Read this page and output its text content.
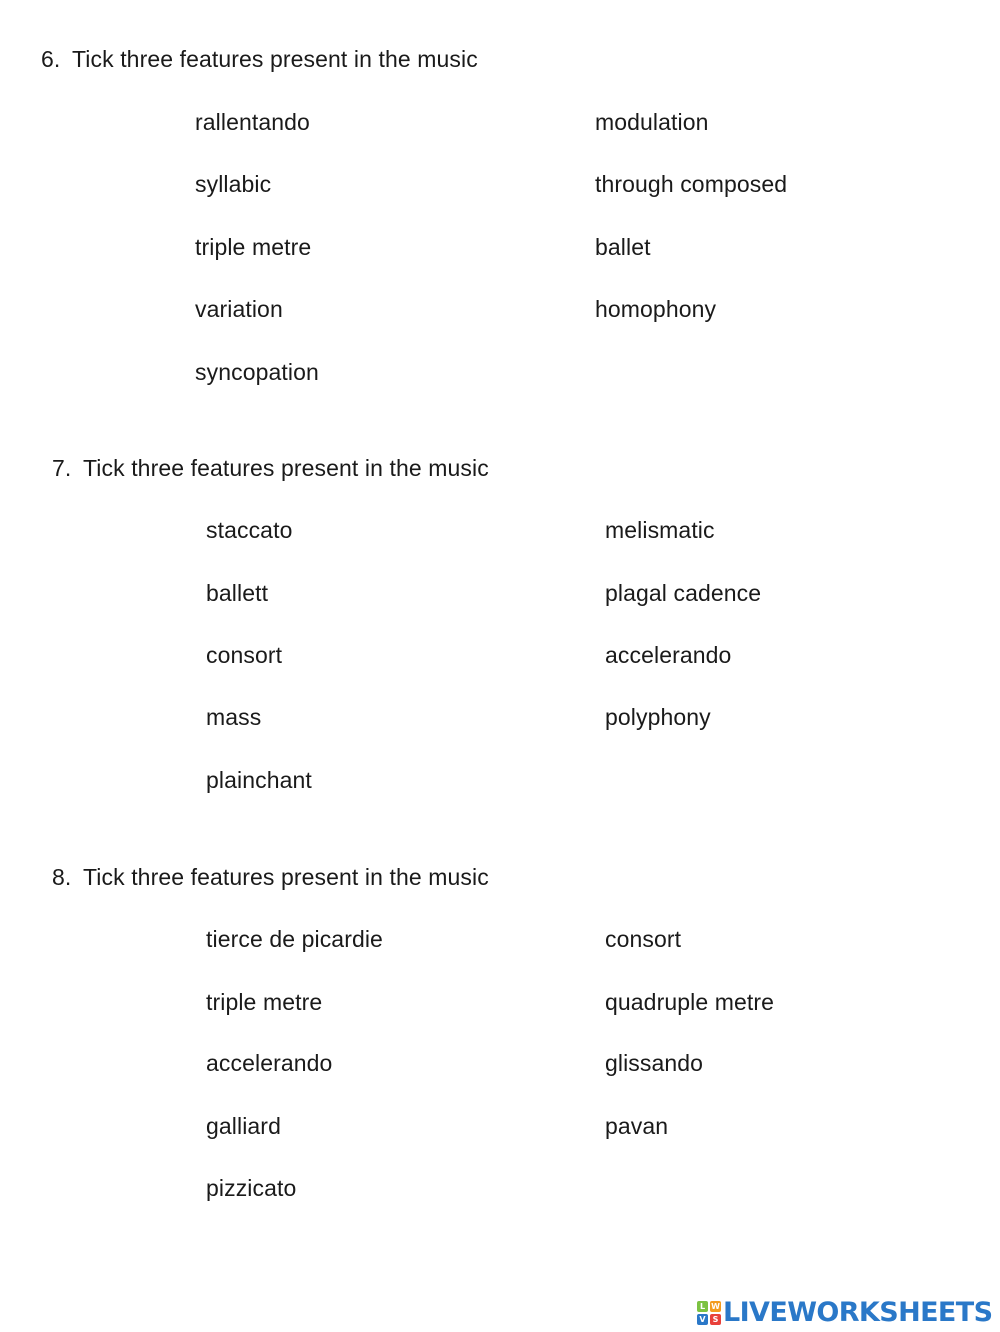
6. Tick three features present in the music
rallentando
syllabic
triple metre
variation
syncopation
modulation
through composed
ballet
homophony
7. Tick three features present in the music
staccato
ballett
consort
mass
plainchant
melismatic
plagal cadence
accelerando
polyphony
8. Tick three features present in the music
tierce de picardie
triple metre
accelerando
galliard
pizzicato
consort
quadruple metre
glissando
pavan
L W
V S LIVEWORKSHEETS
